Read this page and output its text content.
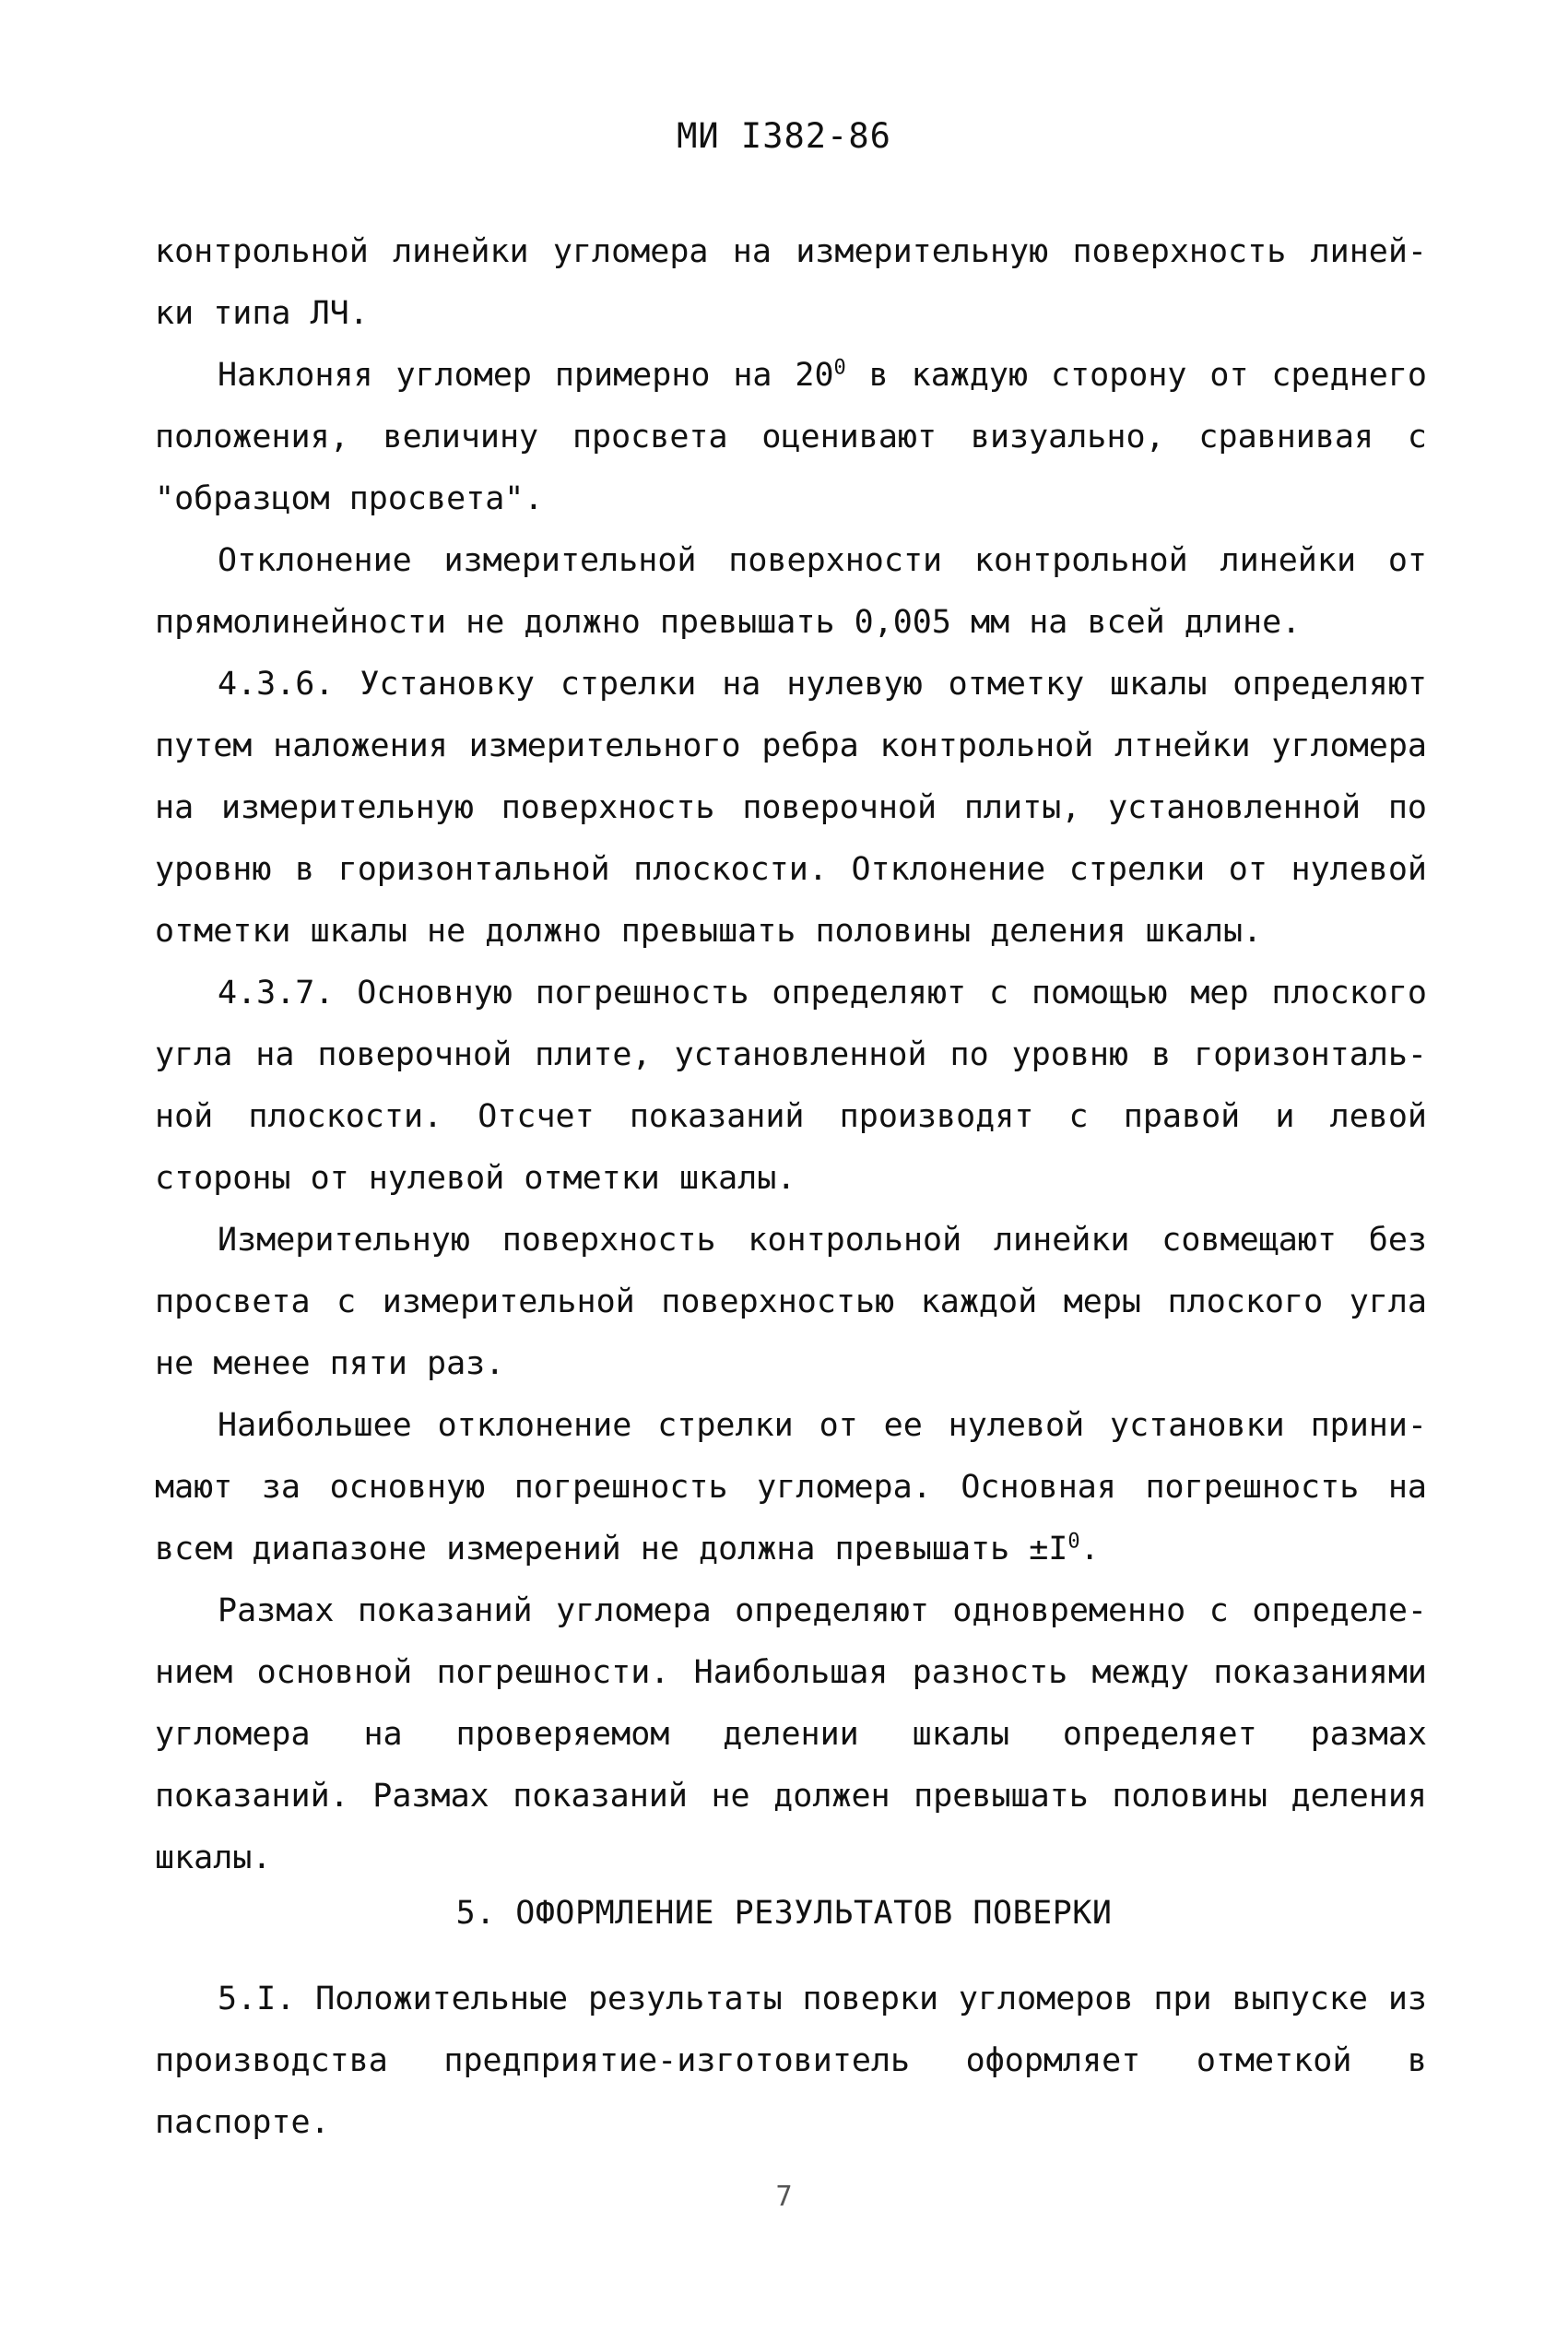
МИ I382-86

контрольной линейки угломера на измерительную поверхность линей-ки типа ЛЧ.

Наклоняя угломер примерно на $20^0$ в каждую сторону от среднего положения, величину просвета оценивают визуально, сравнивая с "образцом просвета".

Отклонение измерительной поверхности контрольной линейки от прямолинейности не должно превышать 0,005 мм на всей длине.

4.3.6. Установку стрелки на нулевую отметку шкалы определяют путем наложения измерительного ребра контрольной лтнейки угломера на измерительную поверхность поверочной плиты, установленной по уровню в горизонтальной плоскости. Отклонение стрелки от нулевой отметки шкалы не должно превышать половины деления шкалы.

4.3.7. Основную погрешность определяют с помощью мер плоского угла на поверочной плите, установленной по уровню в горизонталь-ной плоскости. Отсчет показаний производят с правой и левой стороны от нулевой отметки шкалы.

Измерительную поверхность контрольной линейки совмещают без просвета с измерительной поверхностью каждой меры плоского угла не менее пяти раз.

Наибольшее отклонение стрелки от ее нулевой установки прини-мают за основную погрешность угломера. Основная погрешность на всем диапазоне измерений не должна превышать $\pm I^0$.

Размах показаний угломера определяют одновременно с определе-нием основной погрешности. Наибольшая разность между показаниями угломера на проверяемом делении шкалы определяет размах показаний. Размах показаний не должен превышать половины деления шкалы.

5. ОФОРМЛЕНИЕ РЕЗУЛЬТАТОВ ПОВЕРКИ

5.I. Положительные результаты поверки угломеров при выпуске из производства предприятие-изготовитель оформляет отметкой в паспорте.

7
